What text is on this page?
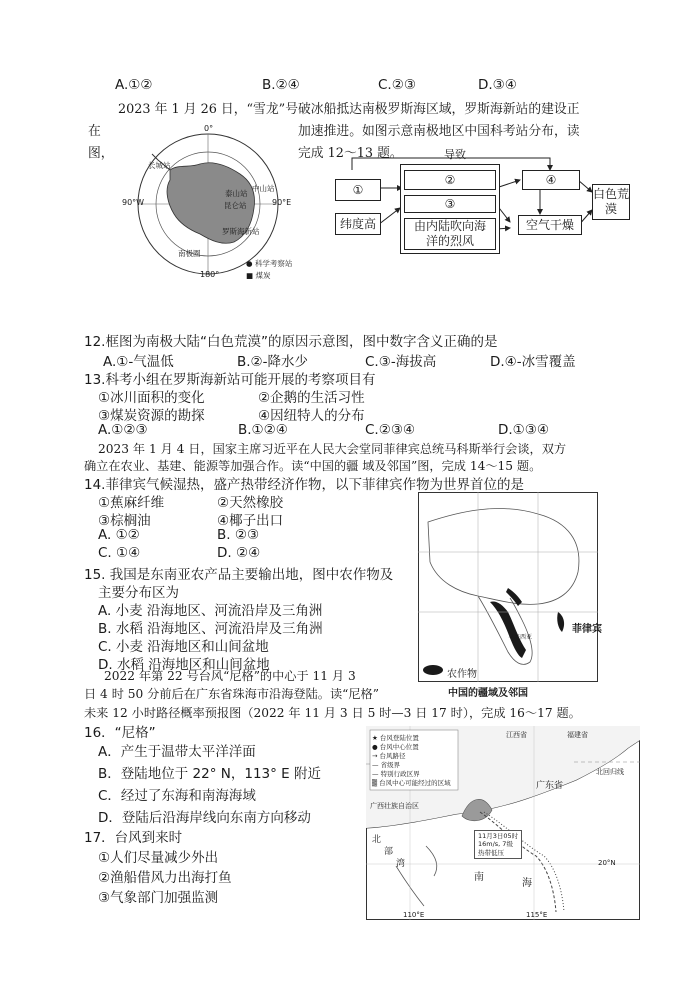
A.①②	B.②④	C.②③	D.③④
2023 年 1 月 26 日，“雪龙”号破冰船抵达南极罗斯海区域，罗斯海新站的建设正
在	加速推进。如图示意南极地区中国科考站分布，读
图，	完成 12～13 题。
0°
90°W	90°E
180°
长城站
泰山站
中山站
昆仑站
罗斯海新站
南极圈
● 科学考察站
■ 煤炭
导致
①
②
③
纬度高	由内陆吹向海洋的烈风
④
空气干燥
白色荒漠
12.框图为南极大陆“白色荒漠”的原因示意图，图中数字含义正确的是
A.①-气温低	B.②-降水少	C.③-海拔高	D.④-冰雪覆盖
13.科考小组在罗斯海新站可能开展的考察项目有
①冰川面积的变化	②企鹅的生活习性
③煤炭资源的勘探	④因纽特人的分布
A.①②③	B.①②④	C.②③④	D.①③④
2023 年 1 月 4 日，国家主席习近平在人民大会堂同菲律宾总统马科斯举行会谈，双方
确立在农业、基建、能源等加强合作。读“中国的疆 域及邻国”图，完成 14～15 题。
14.菲律宾气候湿热，盛产热带经济作物，以下菲律宾作物为世界首位的是
①蕉麻纤维	②天然橡胶
③棕榈油	④椰子出口
A. ①②	B. ②③
C. ①④	D. ②④
15. 我国是东南亚农产品主要输出地，图中农作物及
主要分布区为
A. 小麦 沿海地区、河流沿岸及三角洲
B. 水稻 沿海地区、河流沿岸及三角洲
C. 小麦 沿海地区和山间盆地
D. 水稻 沿海地区和山间盆地
菲律宾
马来西亚
农作物
中国的疆域及邻国
2022 年第 22 号台风“尼格”的中心于 11 月 3
日 4 时 50 分前后在广东省珠海市沿海登陆。读“尼格”
未来 12 小时路径概率预报图（2022 年 11 月 3 日 5 时—3 日 17 时），完成 16～17 题。
16．“尼格”
A．产生于温带太平洋洋面
B．登陆地位于 22° N，113° E 附近
C．经过了东海和南海海域
D．登陆后沿海岸线向东南方向移动
17．台风到来时
①人们尽量减少外出
②渔船借风力出海打鱼
③气象部门加强监测
★ 台风登陆位置
● 台风中心位置
→ 台风路径
— 省级界
— 特别行政区界
▒ 台风中心可能经过的区域
江西省	福建省
广东省
广西壮族自治区
北回归线
北
部
湾
南
海
11月3日05时
16m/s, 7级
热带低压
20°N
110°E	115°E
